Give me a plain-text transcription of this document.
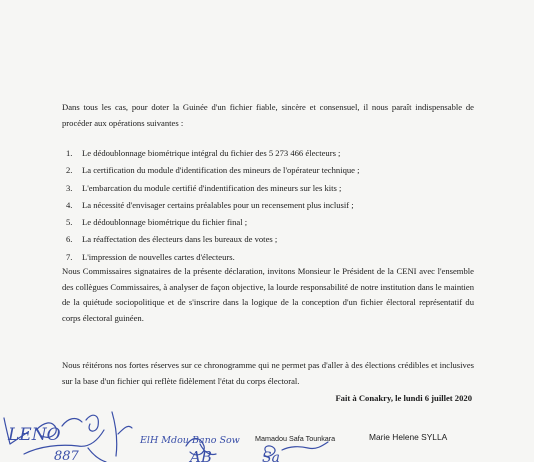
Dans tous les cas, pour doter la Guinée d'un fichier fiable, sincère et consensuel, il nous paraît indispensable de procéder aux opérations suivantes :

1.	Le dédoublonnage biométrique intégral du fichier des 5 273 466 électeurs ;
2.	La certification du module d'identification des mineurs de l'opérateur technique ;
3.	L'embarcation du module certifié d'indentification des mineurs sur les kits ;
4.	La nécessité d'envisager certains préalables pour un recensement plus inclusif ;
5.	Le dédoublonnage biométrique du fichier final ;
6.	La réaffectation des électeurs dans les bureaux de votes ;
7.	L'impression de nouvelles cartes d'électeurs.

Nous Commissaires signataires de la présente déclaration, invitons Monsieur le Président de la CENI avec l'ensemble des collègues Commissaires, à analyser de façon objective, la lourde responsabilité de notre institution dans le maintien de la quiétude sociopolitique et de s'inscrire dans la logique de la conception d'un fichier électoral représentatif du corps électoral guinéen.

Nous réitérons nos fortes réserves sur ce chronogramme qui ne permet pas d'aller à des élections crédibles et inclusives sur la base d'un fichier qui reflète fidèlement l'état du corps électoral.

Fait à Conakry, le lundi 6 juillet 2020
Mamadou Safa Tounkara	Marie Helene SYLLA
LENO
887
ElH Mdou Bano Sow
AB	Sa
